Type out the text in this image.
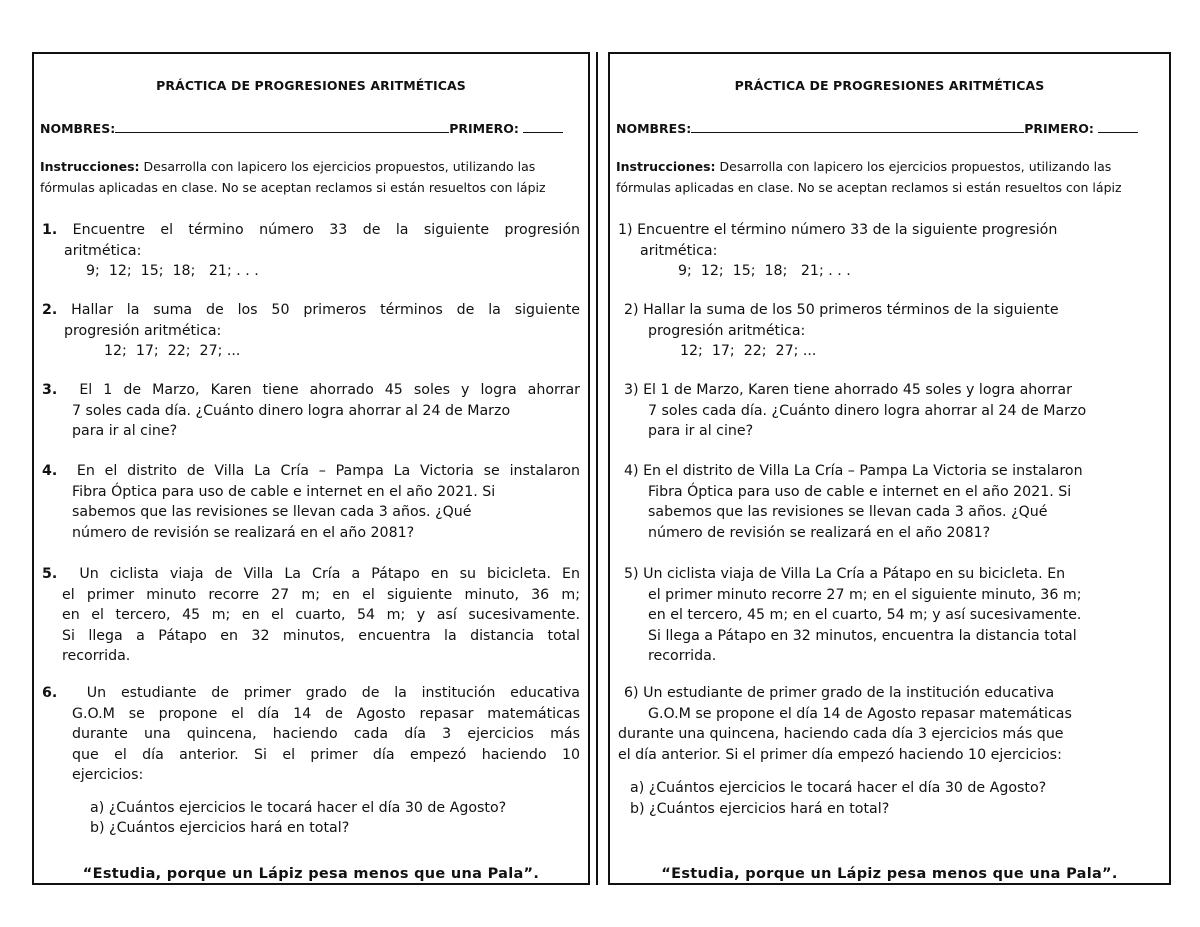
PRÁCTICA DE PROGRESIONES ARITMÉTICAS
NOMBRES:	PRIMERO:
Instrucciones: Desarrolla con lapicero los ejercicios propuestos, utilizando las
fórmulas aplicadas en clase. No se aceptan reclamos si están resueltos con lápiz
1. Encuentre el término número 33 de la siguiente progresión
aritmética:
9;  12;  15;  18;   21; . . .
2. Hallar la suma de los 50 primeros términos de la siguiente
progresión aritmética:
12;  17;  22;  27; ...
3. El 1 de Marzo, Karen tiene ahorrado 45 soles y logra ahorrar
7 soles cada día. ¿Cuánto dinero logra ahorrar al 24 de Marzo
para ir al cine?
4. En el distrito de Villa La Cría – Pampa La Victoria se instalaron
Fibra Óptica para uso de cable e internet en el año 2021. Si
sabemos que las revisiones se llevan cada 3 años. ¿Qué
número de revisión se realizará en el año 2081?
5. Un ciclista viaja de Villa La Cría a Pátapo en su bicicleta. En
el primer minuto recorre 27 m; en el siguiente minuto, 36 m;
en el tercero, 45 m; en el cuarto, 54 m; y así sucesivamente.
Si llega a Pátapo en 32 minutos, encuentra la distancia total
recorrida.
6. Un estudiante de primer grado de la institución educativa
G.O.M se propone el día 14 de Agosto repasar matemáticas
durante una quincena, haciendo cada día 3 ejercicios más
que el día anterior. Si el primer día empezó haciendo 10
ejercicios:
a) ¿Cuántos ejercicios le tocará hacer el día 30 de Agosto?
b) ¿Cuántos ejercicios hará en total?
“Estudia, porque un Lápiz pesa menos que una Pala”.
PRÁCTICA DE PROGRESIONES ARITMÉTICAS
NOMBRES:	PRIMERO:
Instrucciones: Desarrolla con lapicero los ejercicios propuestos, utilizando las
fórmulas aplicadas en clase. No se aceptan reclamos si están resueltos con lápiz
1) Encuentre el término número 33 de la siguiente progresión
aritmética:
9;  12;  15;  18;   21; . . .
2) Hallar la suma de los 50 primeros términos de la siguiente
progresión aritmética:
12;  17;  22;  27; ...
3) El 1 de Marzo, Karen tiene ahorrado 45 soles y logra ahorrar
7 soles cada día. ¿Cuánto dinero logra ahorrar al 24 de Marzo
para ir al cine?
4) En el distrito de Villa La Cría – Pampa La Victoria se instalaron
Fibra Óptica para uso de cable e internet en el año 2021. Si
sabemos que las revisiones se llevan cada 3 años. ¿Qué
número de revisión se realizará en el año 2081?
5) Un ciclista viaja de Villa La Cría a Pátapo en su bicicleta. En
el primer minuto recorre 27 m; en el siguiente minuto, 36 m;
en el tercero, 45 m; en el cuarto, 54 m; y así sucesivamente.
Si llega a Pátapo en 32 minutos, encuentra la distancia total
recorrida.
6) Un estudiante de primer grado de la institución educativa
G.O.M se propone el día 14 de Agosto repasar matemáticas
durante una quincena, haciendo cada día 3 ejercicios más que
el día anterior. Si el primer día empezó haciendo 10 ejercicios:
a) ¿Cuántos ejercicios le tocará hacer el día 30 de Agosto?
b) ¿Cuántos ejercicios hará en total?
“Estudia, porque un Lápiz pesa menos que una Pala”.
